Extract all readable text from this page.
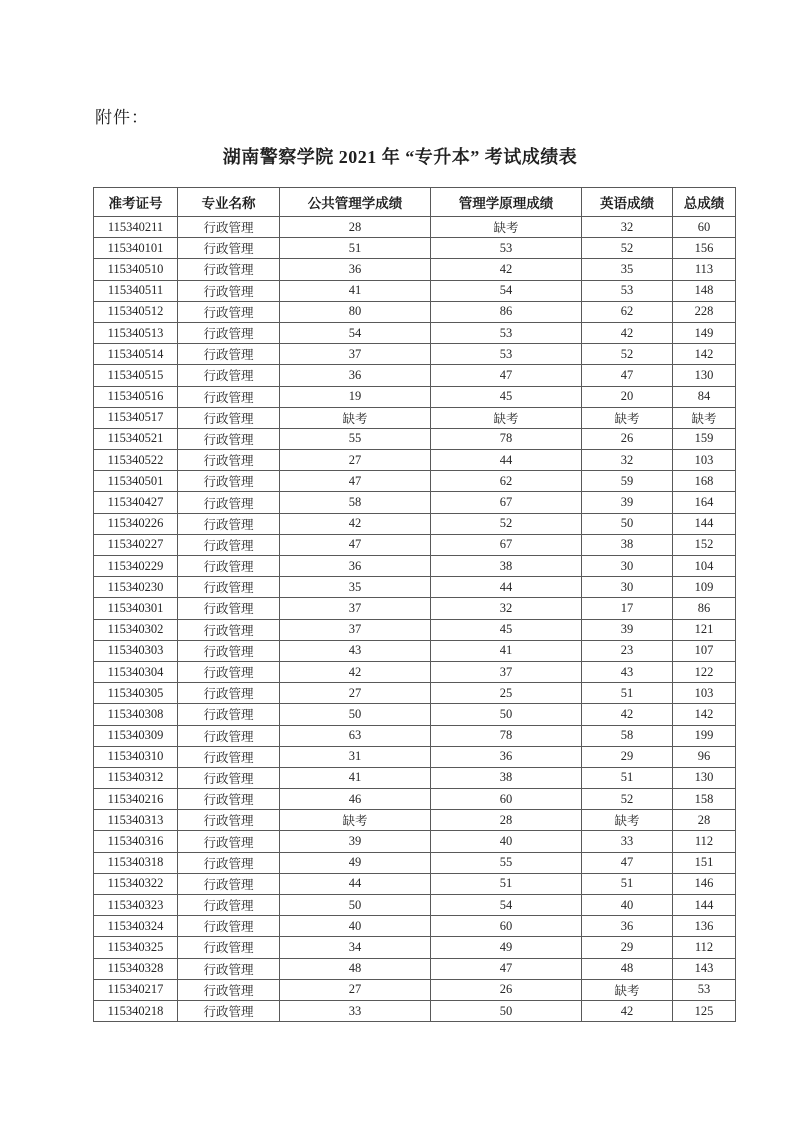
附件：
湖南警察学院 2021 年 “专升本” 考试成绩表
准考证号	专业名称	公共管理学成绩	管理学原理成绩	英语成绩	总成绩
115340211	行政管理	28	缺考	32	60
115340101	行政管理	51	53	52	156
115340510	行政管理	36	42	35	113
115340511	行政管理	41	54	53	148
115340512	行政管理	80	86	62	228
115340513	行政管理	54	53	42	149
115340514	行政管理	37	53	52	142
115340515	行政管理	36	47	47	130
115340516	行政管理	19	45	20	84
115340517	行政管理	缺考	缺考	缺考	缺考
115340521	行政管理	55	78	26	159
115340522	行政管理	27	44	32	103
115340501	行政管理	47	62	59	168
115340427	行政管理	58	67	39	164
115340226	行政管理	42	52	50	144
115340227	行政管理	47	67	38	152
115340229	行政管理	36	38	30	104
115340230	行政管理	35	44	30	109
115340301	行政管理	37	32	17	86
115340302	行政管理	37	45	39	121
115340303	行政管理	43	41	23	107
115340304	行政管理	42	37	43	122
115340305	行政管理	27	25	51	103
115340308	行政管理	50	50	42	142
115340309	行政管理	63	78	58	199
115340310	行政管理	31	36	29	96
115340312	行政管理	41	38	51	130
115340216	行政管理	46	60	52	158
115340313	行政管理	缺考	28	缺考	28
115340316	行政管理	39	40	33	112
115340318	行政管理	49	55	47	151
115340322	行政管理	44	51	51	146
115340323	行政管理	50	54	40	144
115340324	行政管理	40	60	36	136
115340325	行政管理	34	49	29	112
115340328	行政管理	48	47	48	143
115340217	行政管理	27	26	缺考	53
115340218	行政管理	33	50	42	125
